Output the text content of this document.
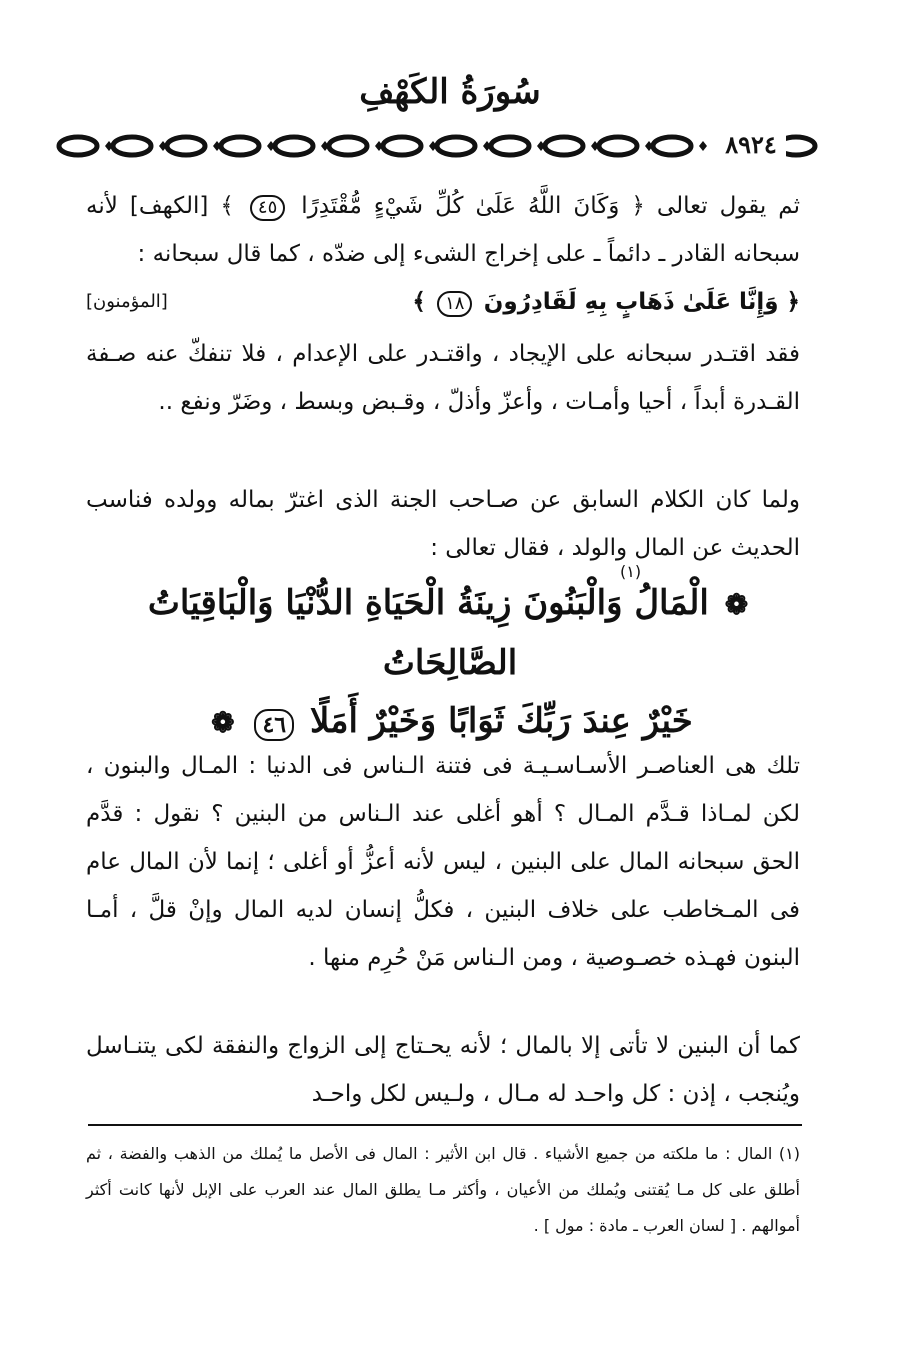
سُورَةُ الكَهْفِ
٨٩٢٤
ثم يقول تعالى ﴿ وَكَانَ اللَّهُ عَلَىٰ كُلِّ شَيْءٍ مُّقْتَدِرًا ٤٥ ﴾ [الكهف] لأنه سبحانه القادر ـ دائماً ـ على إخراج الشىء إلى ضدّه ، كما قال سبحانه :
﴿ وَإِنَّا عَلَىٰ ذَهَابٍ بِهِ لَقَادِرُونَ ١٨ ﴾
[المؤمنون]
فقد اقتـدر سبحانه على الإيجاد ، واقتـدر على الإعدام ، فلا تنفكّ عنه صـفة القـدرة أبداً ، أحيا وأمـات ، وأعزّ وأذلّ ، وقـبض وبسط ، وضَرّ ونفع ..
ولما كان الكلام السابق عن صـاحب الجنة الذى اغترّ بماله وولده فناسب الحديث عن المال والولد ، فقال تعالى :
(١)
❁ الْمَالُ وَالْبَنُونَ زِينَةُ الْحَيَاةِ الدُّنْيَا وَالْبَاقِيَاتُ الصَّالِحَاتُ
خَيْرٌ عِندَ رَبِّكَ ثَوَابًا وَخَيْرٌ أَمَلًا ٤٦ ❁
تلك هى العناصـر الأسـاسـيـة فى فتنة الـناس فى الدنيا : المـال والبنون ، لكن لمـاذا قـدَّم المـال ؟ أهو أغلى عند الـناس من البنين ؟ نقول : قدَّم الحق سبحانه المال على البنين ، ليس لأنه أعزُّ أو أغلى ؛ إنما لأن المال عام فى المـخاطب على خلاف البنين ، فكلُّ إنسان لديه المال وإنْ قلَّ ، أمـا البنون فهـذه خصـوصية ، ومن الـناس مَنْ حُرِم منها .
كما أن البنين لا تأتى إلا بالمال ؛ لأنه يحـتاج إلى الزواج والنفقة لكى يتنـاسل ويُنجب ، إذن : كل واحـد له مـال ، ولـيس لكل واحـد
(١) المال : ما ملكته من جميع الأشياء . قال ابن الأثير : المال فى الأصل ما يُملك من الذهب والفضة ، ثم أطلق على كل مـا يُقتنى ويُملك من الأعيان ، وأكثر مـا يطلق المال عند العرب على الإبل لأنها كانت أكثر أموالهم . [ لسان العرب ـ مادة : مول ] .
